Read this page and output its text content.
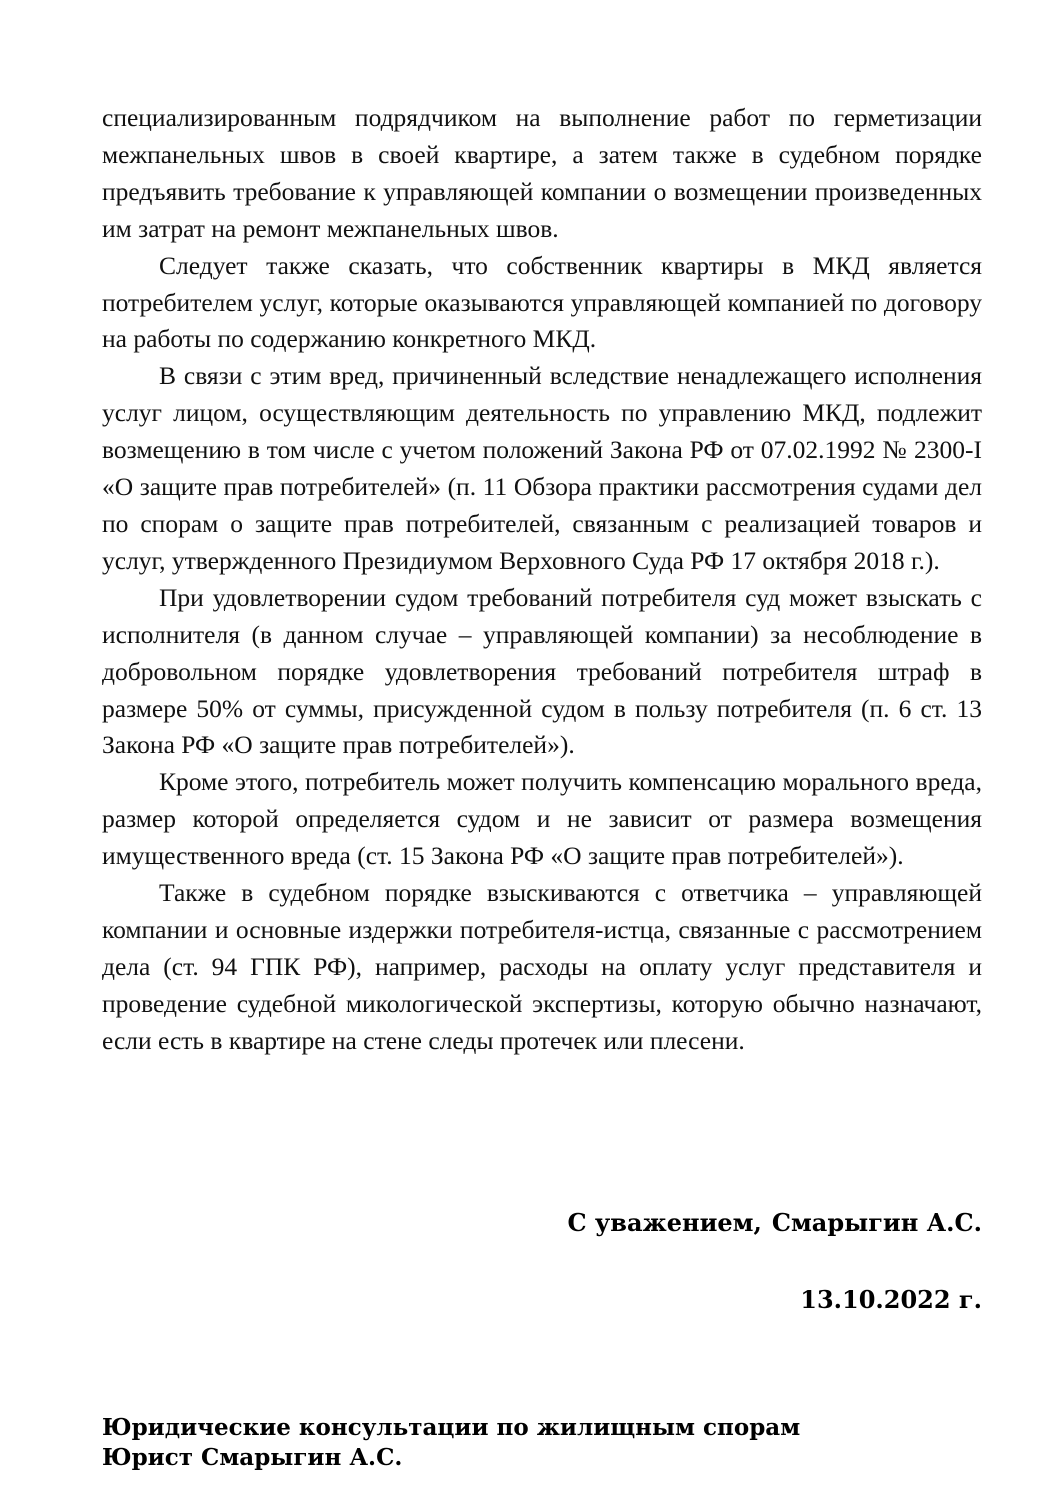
специализированным подрядчиком на выполнение работ по герметизации межпанельных швов в своей квартире, а затем также в судебном порядке предъявить требование к управляющей компании о возмещении произведенных им затрат на ремонт межпанельных швов.

Следует также сказать, что собственник квартиры в МКД является потребителем услуг, которые оказываются управляющей компанией по договору на работы по содержанию конкретного МКД.

В связи с этим вред, причиненный вследствие ненадлежащего исполнения услуг лицом, осуществляющим деятельность по управлению МКД, подлежит возмещению в том числе с учетом положений Закона РФ от 07.02.1992 № 2300-I «О защите прав потребителей» (п. 11 Обзора практики рассмотрения судами дел по спорам о защите прав потребителей, связанным с реализацией товаров и услуг, утвержденного Президиумом Верховного Суда РФ 17 октября 2018 г.).

При удовлетворении судом требований потребителя суд может взыскать с исполнителя (в данном случае – управляющей компании) за несоблюдение в добровольном порядке удовлетворения требований потребителя штраф в размере 50% от суммы, присужденной судом в пользу потребителя (п. 6 ст. 13 Закона РФ «О защите прав потребителей»).

Кроме этого, потребитель может получить компенсацию морального вреда, размер которой определяется судом и не зависит от размера возмещения имущественного вреда (ст. 15 Закона РФ «О защите прав потребителей»).

Также в судебном порядке взыскиваются с ответчика – управляющей компании и основные издержки потребителя-истца, связанные с рассмотрением дела (ст. 94 ГПК РФ), например, расходы на оплату услуг представителя и проведение судебной микологической экспертизы, которую обычно назначают, если есть в квартире на стене следы протечек или плесени.

С уважением, Смарыгин А.С.
13.10.2022 г.
Юридические консультации по жилищным спорам
Юрист Смарыгин А.С.
